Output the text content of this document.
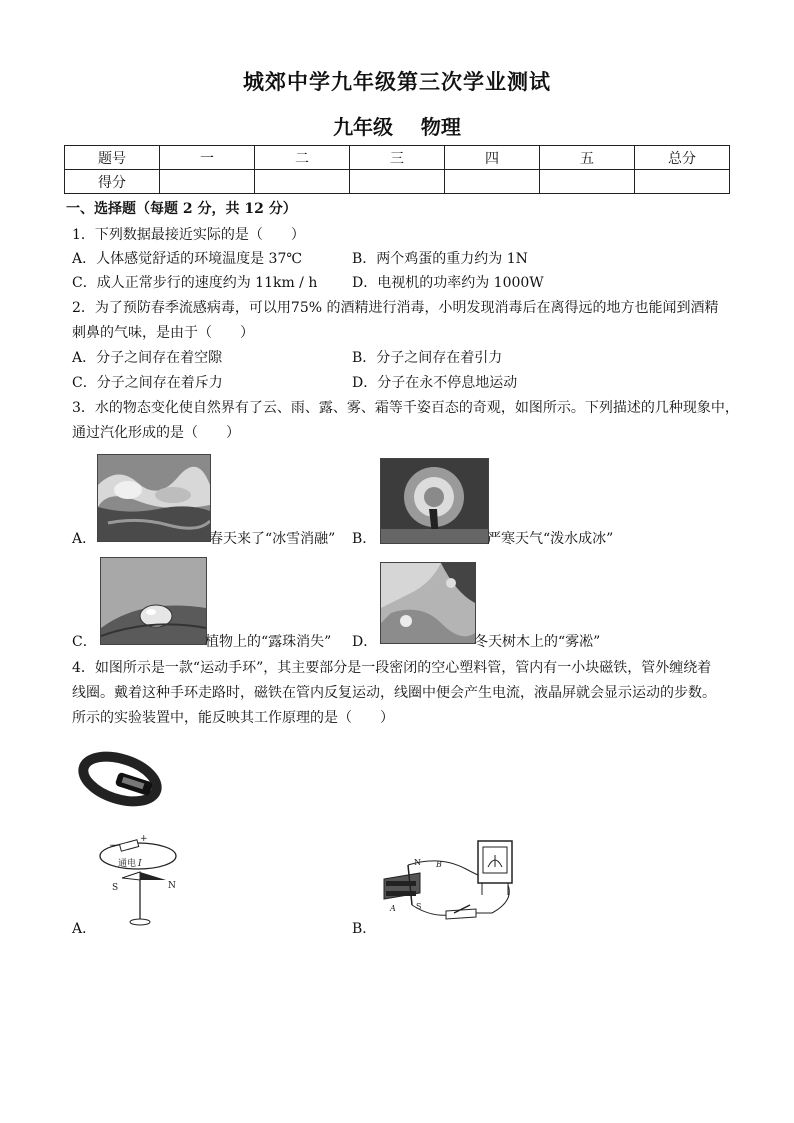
城郊中学九年级第三次学业测试
九年级    物理
题号	一	二	三	四	五	总分
得分						
一、选择题（每题 2 分，共 12 分）
1．下列数据最接近实际的是（　　）
A．人体感觉舒适的环境温度是 37℃	B．两个鸡蛋的重力约为 1N
C．成人正常步行的速度约为 11km / h D．电视机的功率约为 1000W
2．为了预防春季流感病毒，可以用75% 的酒精进行消毒，小明发现消毒后在离得远的地方也能闻到酒精
刺鼻的气味，是由于（　　）
A．分子之间存在着空隙	B．分子之间存在着引力
C．分子之间存在着斥力	D．分子在永不停息地运动
3．水的物态变化使自然界有了云、雨、露、雾、霜等千姿百态的奇观，如图所示。下列描述的几种现象中，
通过汽化形成的是（　　）
A．	春天来了“冰雪消融” B．	严寒天气“泼水成冰”
C．	植物上的“露珠消失” D．	冬天树木上的“雾凇”
4．如图所示是一款“运动手环”，其主要部分是一段密闭的空心塑料管，管内有一小块磁铁，管外缠绕着
线圈。戴着这种手环走路时，磁铁在管内反复运动，线圈中便会产生电流，液晶屏就会显示运动的步数。
所示的实验装置中，能反映其工作原理的是（　　）
+
−
通电 I
S	N
A．
N
S
A
B
B．
